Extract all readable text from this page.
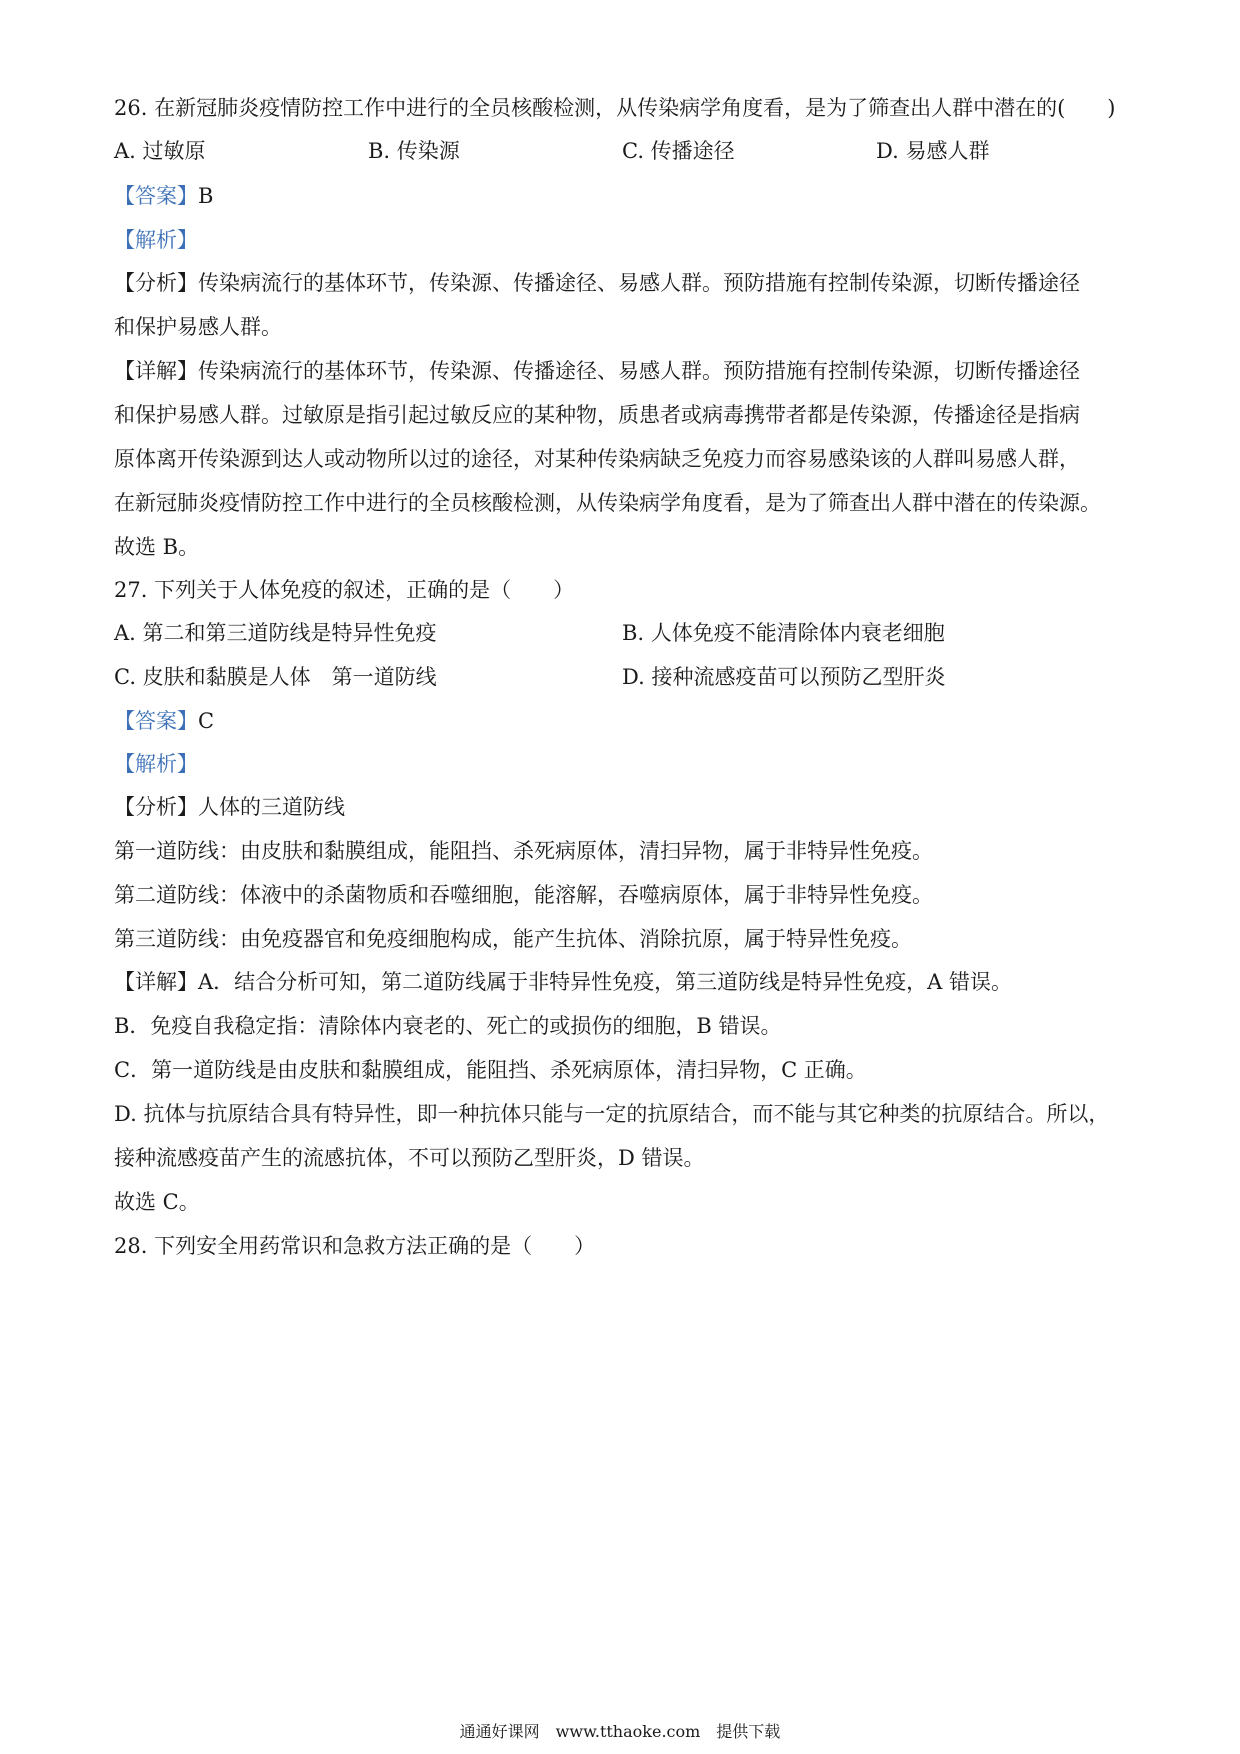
26. 在新冠肺炎疫情防控工作中进行的全员核酸检测，从传染病学角度看，是为了筛查出人群中潜在的(　　)
A. 过敏原	B. 传染源	C. 传播途径	D. 易感人群
【答案】B
【解析】
【分析】传染病流行的基体环节，传染源、传播途径、易感人群。预防措施有控制传染源，切断传播途径
和保护易感人群。
【详解】传染病流行的基体环节，传染源、传播途径、易感人群。预防措施有控制传染源，切断传播途径
和保护易感人群。过敏原是指引起过敏反应的某种物，质患者或病毒携带者都是传染源，传播途径是指病
原体离开传染源到达人或动物所以过的途径，对某种传染病缺乏免疫力而容易感染该的人群叫易感人群，
在新冠肺炎疫情防控工作中进行的全员核酸检测，从传染病学角度看，是为了筛查出人群中潜在的传染源。
故选 B。
27. 下列关于人体免疫的叙述，正确的是（　　）
A. 第二和第三道防线是特异性免疫	B. 人体免疫不能清除体内衰老细胞
C. 皮肤和黏膜是人体　第一道防线	D. 接种流感疫苗可以预防乙型肝炎
【答案】C
【解析】
【分析】人体的三道防线
第一道防线：由皮肤和黏膜组成，能阻挡、杀死病原体，清扫异物，属于非特异性免疫。
第二道防线：体液中的杀菌物质和吞噬细胞，能溶解，吞噬病原体，属于非特异性免疫。
第三道防线：由免疫器官和免疫细胞构成，能产生抗体、消除抗原，属于特异性免疫。
【详解】A．结合分析可知，第二道防线属于非特异性免疫，第三道防线是特异性免疫，A 错误。
B．免疫自我稳定指：清除体内衰老的、死亡的或损伤的细胞，B 错误。
C．第一道防线是由皮肤和黏膜组成，能阻挡、杀死病原体，清扫异物，C 正确。
D. 抗体与抗原结合具有特异性，即一种抗体只能与一定的抗原结合，而不能与其它种类的抗原结合。所以，
接种流感疫苗产生的流感抗体，不可以预防乙型肝炎，D 错误。
故选 C。
28. 下列安全用药常识和急救方法正确的是（　　）
通通好课网　www.tthaoke.com　提供下载
